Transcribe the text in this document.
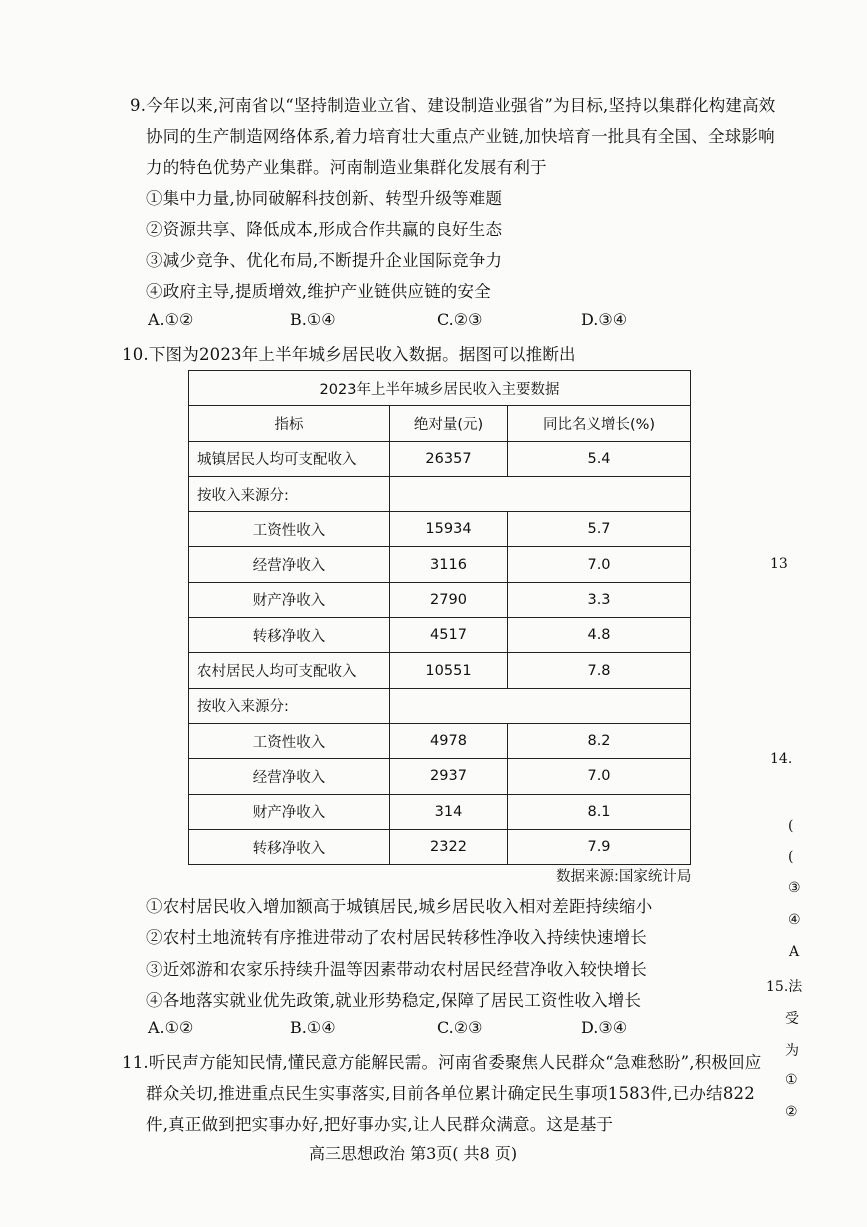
9.今年以来,河南省以“坚持制造业立省、建设制造业强省”为目标,坚持以集群化构建高效
协同的生产制造网络体系,着力培育壮大重点产业链,加快培育一批具有全国、全球影响
力的特色优势产业集群。河南制造业集群化发展有利于
①集中力量,协同破解科技创新、转型升级等难题
②资源共享、降低成本,形成合作共赢的良好生态
③减少竞争、优化布局,不断提升企业国际竞争力
④政府主导,提质增效,维护产业链供应链的安全
A.①②	B.①④	C.②③	D.③④
10.下图为2023年上半年城乡居民收入数据。据图可以推断出
2023年上半年城乡居民收入主要数据		
指标	绝对量(元)	同比名义增长(%)
城镇居民人均可支配收入	26357	5.4
按收入来源分:		
工资性收入	15934	5.7
经营净收入	3116	7.0
财产净收入	2790	3.3
转移净收入	4517	4.8
农村居民人均可支配收入	10551	7.8
按收入来源分:		
工资性收入	4978	8.2
经营净收入	2937	7.0
财产净收入	314	8.1
转移净收入	2322	7.9
数据来源:国家统计局
①农村居民收入增加额高于城镇居民,城乡居民收入相对差距持续缩小
②农村土地流转有序推进带动了农村居民转移性净收入持续快速增长
③近郊游和农家乐持续升温等因素带动农村居民经营净收入较快增长
④各地落实就业优先政策,就业形势稳定,保障了居民工资性收入增长
A.①②	B.①④	C.②③	D.③④
11.听民声方能知民情,懂民意方能解民需。河南省委聚焦人民群众“急难愁盼”,积极回应
群众关切,推进重点民生实事落实,目前各单位累计确定民生事项1583件,已办结822
件,真正做到把实事办好,把好事办实,让人民群众满意。这是基于
13
14.
(
(
③
④
A
15.法
受
为
①
②
高三思想政治 第3页( 共8 页)
